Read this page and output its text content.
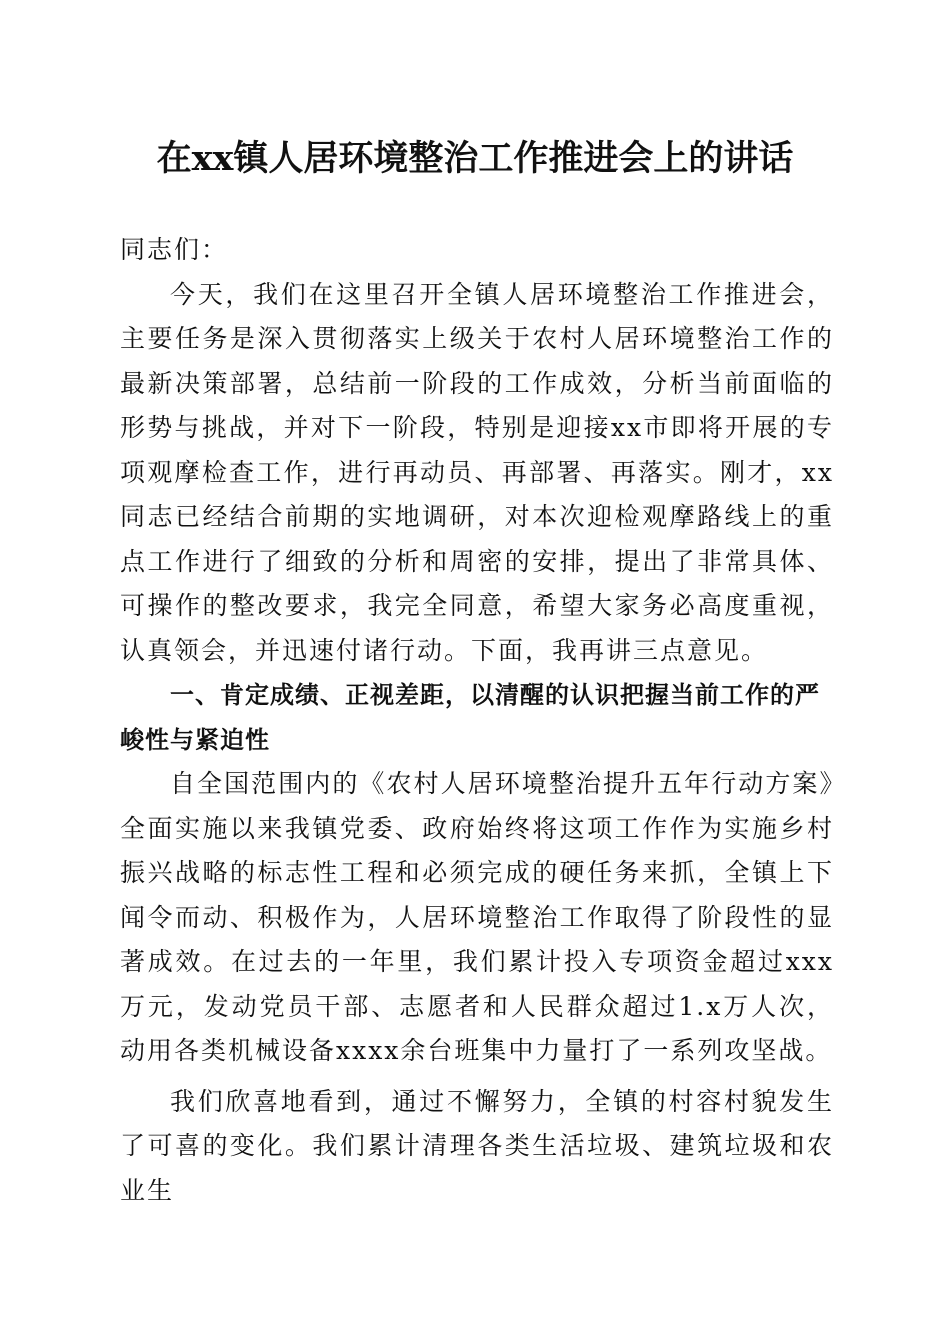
在xx镇人居环境整治工作推进会上的讲话

同志们：

今天，我们在这里召开全镇人居环境整治工作推进会，主要任务是深入贯彻落实上级关于农村人居环境整治工作的最新决策部署，总结前一阶段的工作成效，分析当前面临的形势与挑战，并对下一阶段，特别是迎接xx市即将开展的专项观摩检查工作，进行再动员、再部署、再落实。刚才，xx同志已经结合前期的实地调研，对本次迎检观摩路线上的重点工作进行了细致的分析和周密的安排，提出了非常具体、可操作的整改要求，我完全同意，希望大家务必高度重视，认真领会，并迅速付诸行动。下面，我再讲三点意见。

一、肯定成绩、正视差距，以清醒的认识把握当前工作的严峻性与紧迫性

自全国范围内的《农村人居环境整治提升五年行动方案》全面实施以来我镇党委、政府始终将这项工作作为实施乡村振兴战略的标志性工程和必须完成的硬任务来抓，全镇上下闻令而动、积极作为，人居环境整治工作取得了阶段性的显著成效。在过去的一年里，我们累计投入专项资金超过xxx万元，发动党员干部、志愿者和人民群众超过1.x万人次，动用各类机械设备xxxx余台班集中力量打了一系列攻坚战。

我们欣喜地看到，通过不懈努力，全镇的村容村貌发生了可喜的变化。我们累计清理各类生活垃圾、建筑垃圾和农业生
